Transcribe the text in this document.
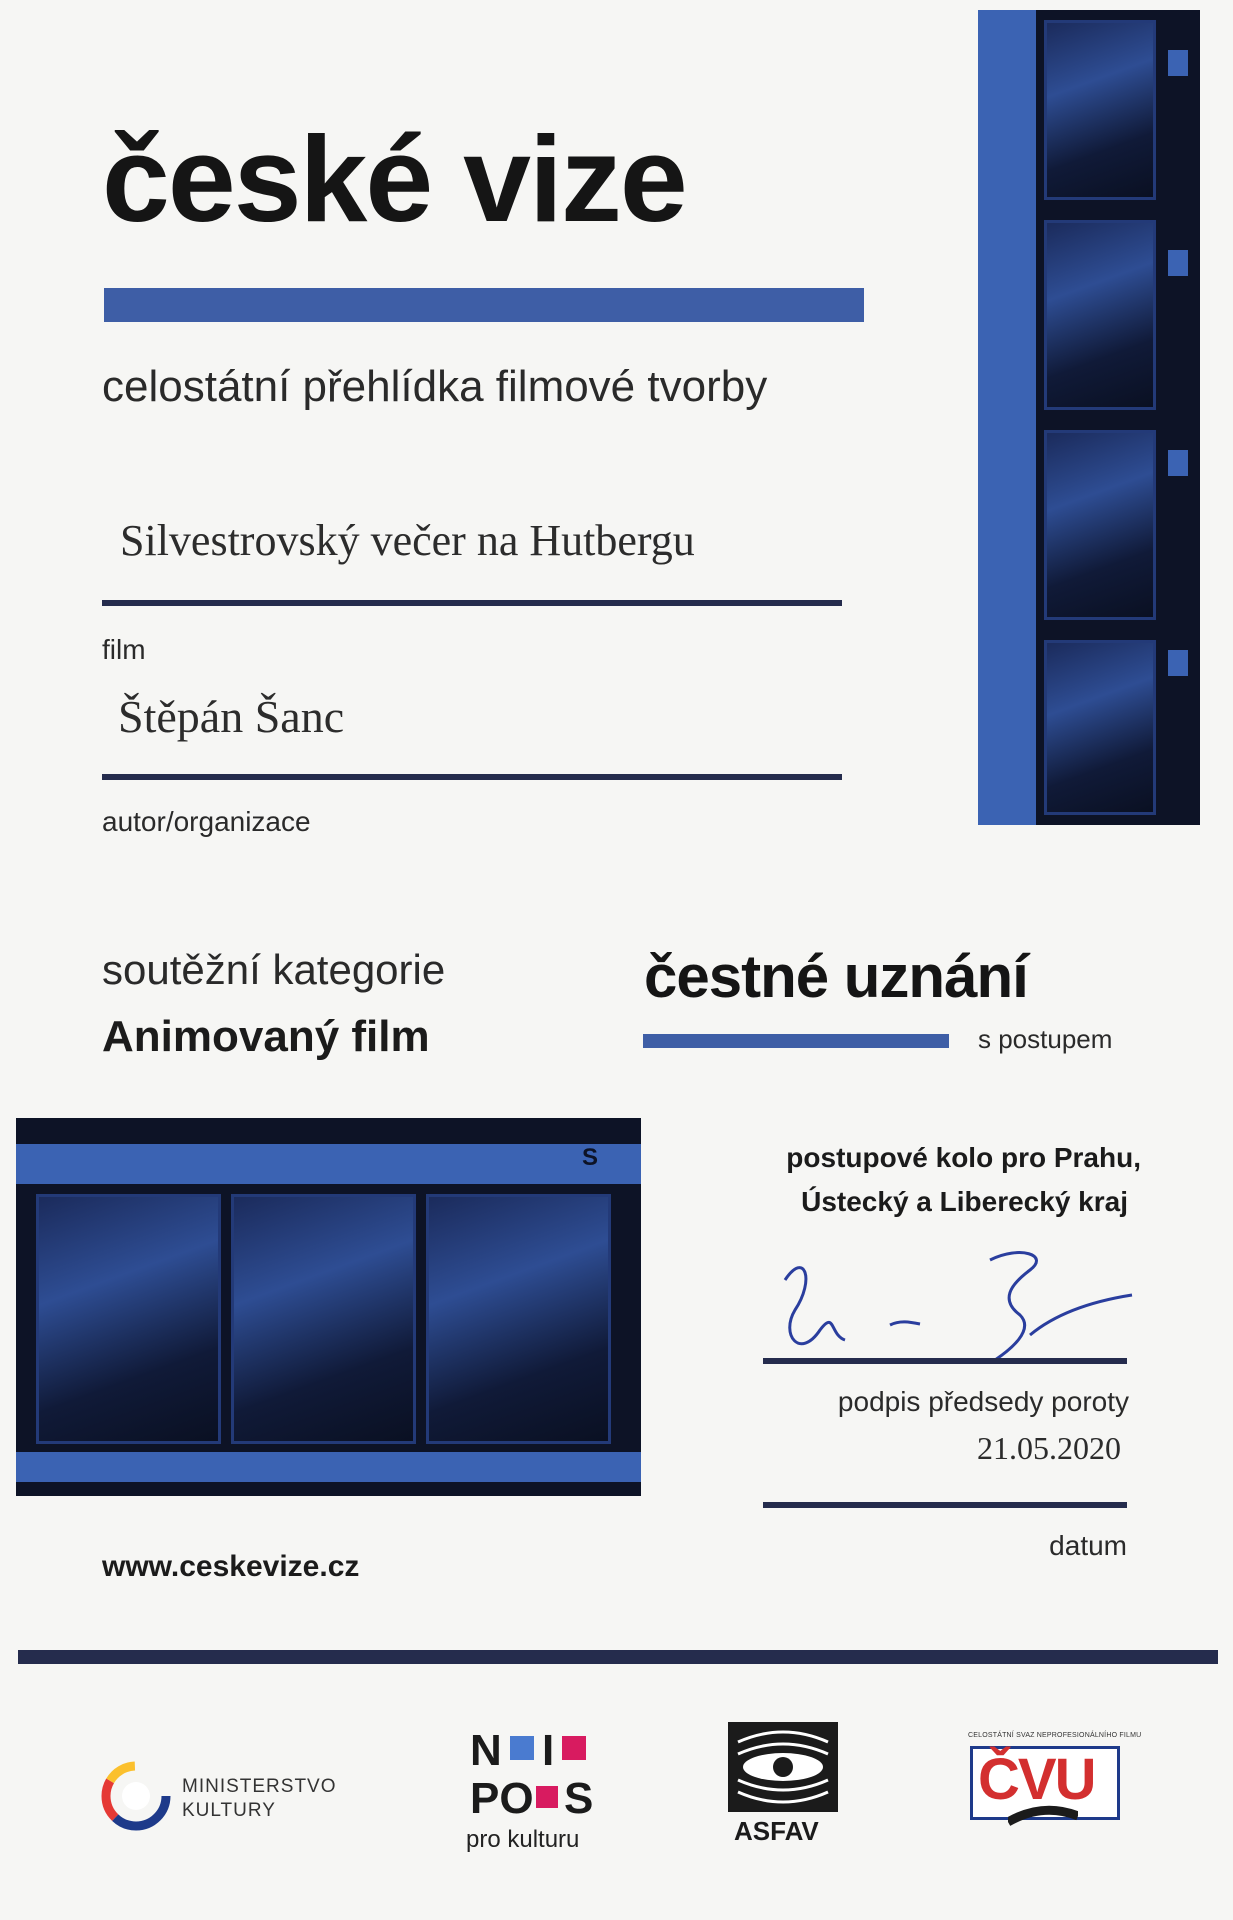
české vize
celostátní přehlídka filmové tvorby
Silvestrovský večer na Hutbergu
film
Štěpán Šanc
autor/organizace
soutěžní kategorie
Animovaný film
čestné uznání
s postupem
S	postupové kolo pro Prahu,
Ústecký a Liberecký kraj
podpis předsedy poroty
21.05.2020
datum
www.ceskevize.cz
MINISTERSTVO
KULTURY
N I
PO S
pro kulturu	ASFAV
CELOSTÁTNÍ SVAZ NEPROFESIONÁLNÍHO FILMU
ČVU
